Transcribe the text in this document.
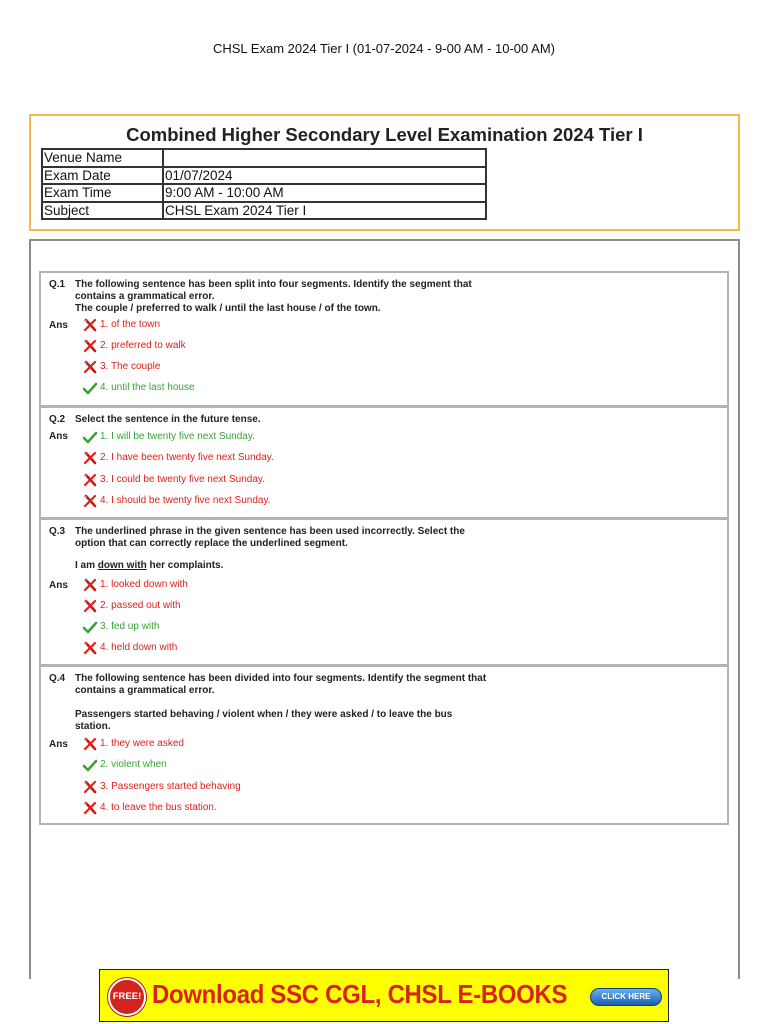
CHSL Exam 2024 Tier I (01-07-2024 - 9-00 AM - 10-00 AM)
Combined Higher Secondary Level Examination 2024 Tier I
Venue Name	
Exam Date	01/07/2024
Exam Time	9:00 AM - 10:00 AM
Subject	CHSL Exam 2024 Tier I
Q.1 The following sentence has been split into four segments. Identify the segment that
contains a grammatical error.
The couple / preferred to walk / until the last house / of the town.
Ans	1. of the town
2. preferred to walk
3. The couple
4. until the last house
Q.2 Select the sentence in the future tense.
Ans	1. I will be twenty five next Sunday.
2. I have been twenty five next Sunday.
3. I could be twenty five next Sunday.
4. I should be twenty five next Sunday.
Q.3 The underlined phrase in the given sentence has been used incorrectly. Select the
option that can correctly replace the underlined segment.
I am down with her complaints.
Ans	1. looked down with
2. passed out with
3. fed up with
4. held down with
Q.4 The following sentence has been divided into four segments. Identify the segment that
contains a grammatical error.
Passengers started behaving / violent when / they were asked / to leave the bus
station.
Ans	1. they were asked
2. violent when
3. Passengers started behaving
4. to leave the bus station.
FREE! Download SSC CGL, CHSL E-BOOKS	CLICK HERE
